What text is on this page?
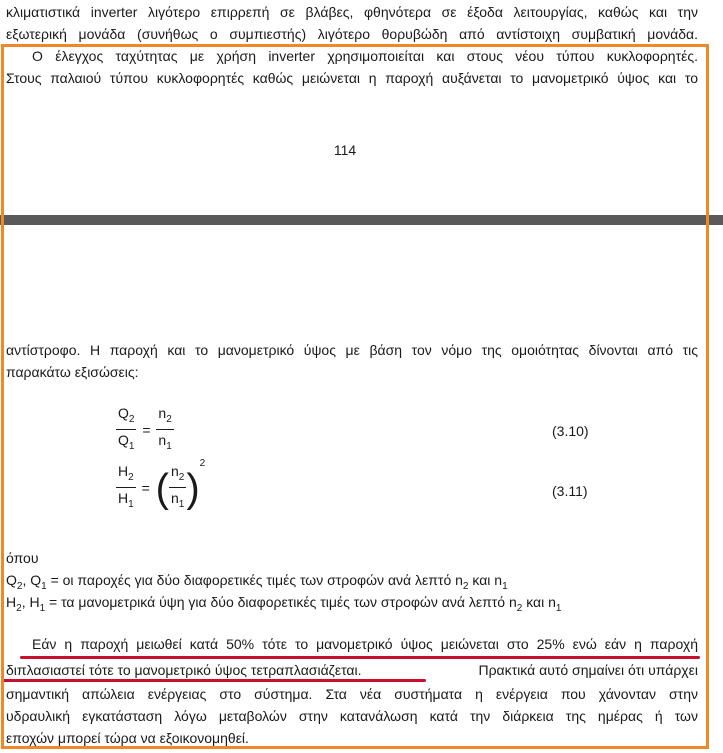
κλιματιστικά inverter λιγότερο επιρρεπή σε βλάβες, φθηνότερα σε έξοδα λειτουργίας, καθώς και την
εξωτερική μονάδα (συνήθως ο συμπιεστής) λιγότερο θορυβώδη από αντίστοιχη συμβατική μονάδα.
Ο έλεγχος ταχύτητας με χρήση inverter χρησιμοποιείται και στους νέου τύπου κυκλοφορητές.
Στους παλαιού τύπου κυκλοφορητές καθώς μειώνεται η παροχή αυξάνεται το μανομετρικό ύψος και το
114
αντίστροφο. Η παροχή και το μανομετρικό ύψος με βάση τον νόμο της ομοιότητας δίνονται από τις
παρακάτω εξισώσεις:
$\frac{Q_2}{Q_1} = \frac{n_2}{n_1}$	(3.10)
$\frac{H_2}{H_1}$ = ( $\frac{n_2}{n_1} )^2$
(3.11)
όπου
$Q_2$, $Q_1 = o\iota$ παροχές για δύο διαφορετικές τιμές των στροφών ανά λεπτό $n_2$ και $n_1$
$H_2$, $H_1 = \tau\alpha$ μανομετρικά ύψη για δύο διαφορετικές τιμές των στροφών ανά λεπτό $n_2$ και $n_1$
Εάν η παροχή μειωθεί κατά 50% τότε το μανομετρικό ύψος μειώνεται στο 25% ενώ εάν η παροχή
διπλασιαστεί τότε το μανομετρικό ύψος τετραπλασιάζεται.	Πρακτικά αυτό σημαίνει ότι υπάρχει
σημαντική απώλεια ενέργειας στο σύστημα. Στα νέα συστήματα η ενέργεια που χάνονταν στην
υδραυλική εγκατάσταση λόγω μεταβολών στην κατανάλωση κατά την διάρκεια της ημέρας ή των
εποχών μπορεί τώρα να εξοικονομηθεί.
